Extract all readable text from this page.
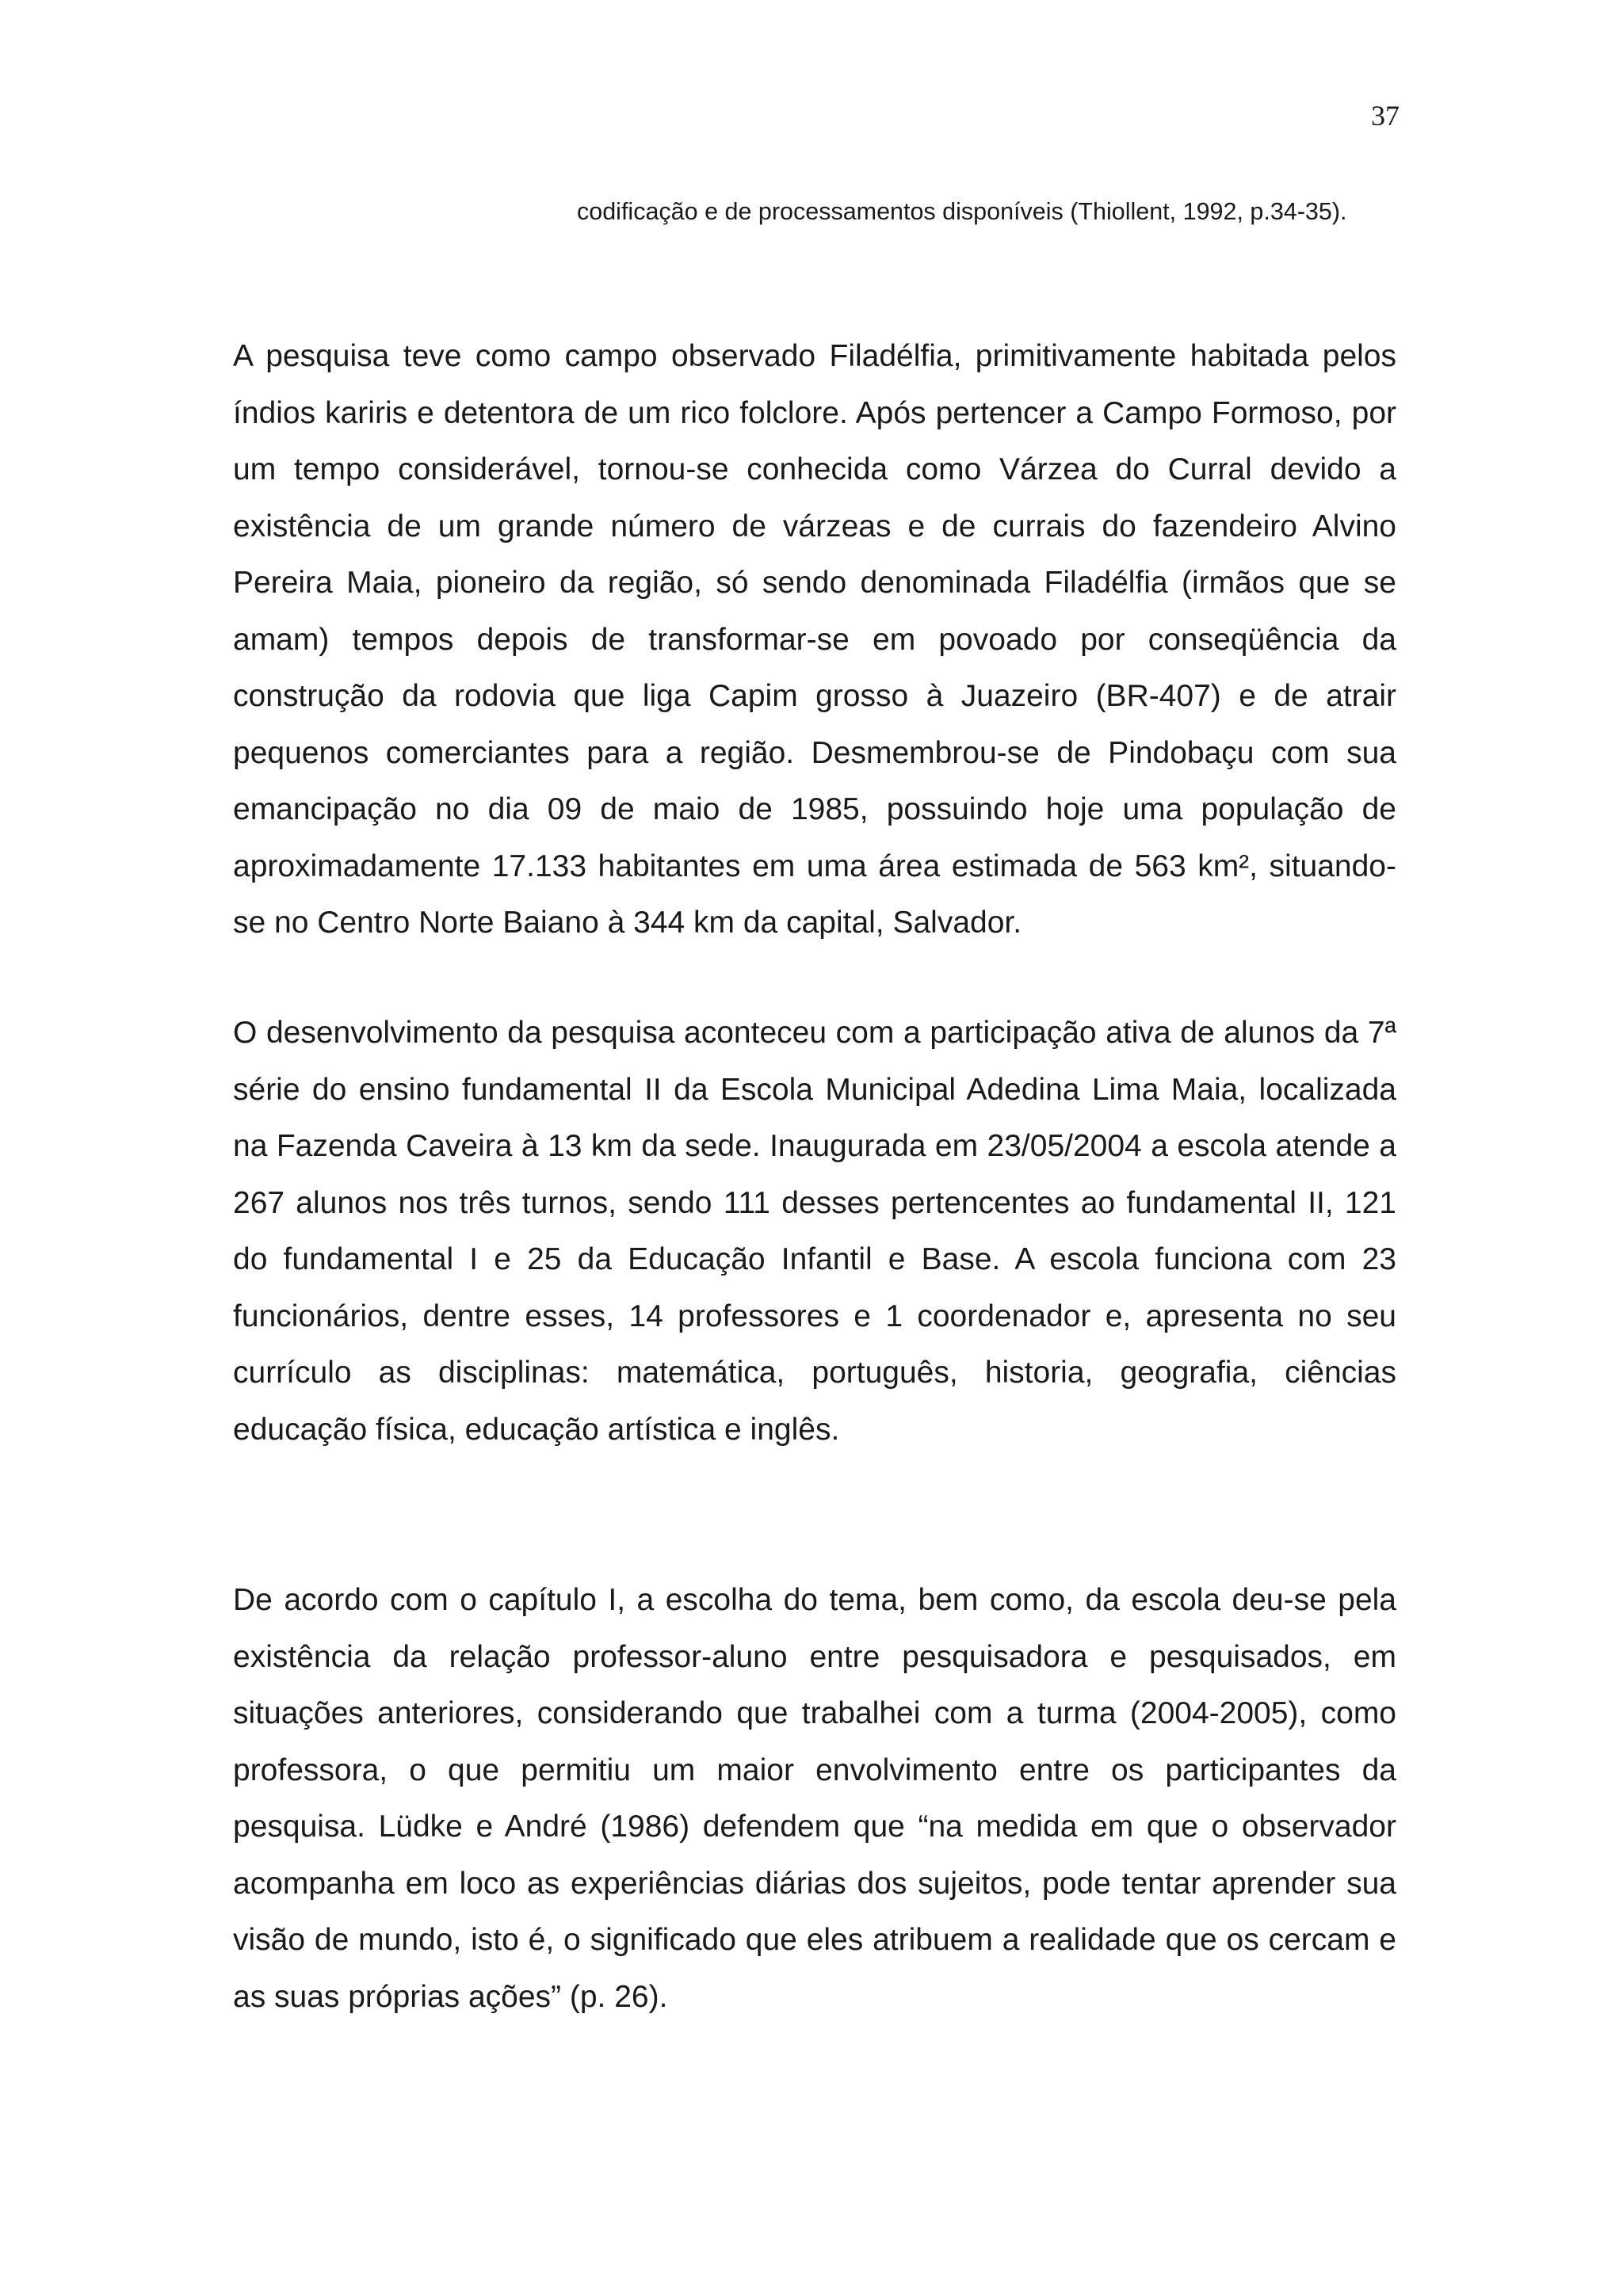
37

codificação e de processamentos disponíveis (Thiollent, 1992, p.34-35).

A pesquisa teve como campo observado Filadélfia, primitivamente habitada pelos índios kariris e detentora de um rico folclore. Após pertencer a Campo Formoso, por um tempo considerável, tornou-se conhecida como Várzea do Curral devido a existência de um grande número de várzeas e de currais do fazendeiro Alvino Pereira Maia, pioneiro da região, só sendo denominada Filadélfia (irmãos que se amam) tempos depois de transformar-se em povoado por conseqüência da construção da rodovia que liga Capim grosso à Juazeiro (BR-407) e de atrair pequenos comerciantes para a região. Desmembrou-se de Pindobaçu com sua emancipação no dia 09 de maio de 1985, possuindo hoje uma população de aproximadamente 17.133 habitantes em uma área estimada de 563 km², situando-se no Centro Norte Baiano à 344 km da capital, Salvador.

O desenvolvimento da pesquisa aconteceu com a participação ativa de alunos da 7ª série do ensino fundamental II da Escola Municipal Adedina Lima Maia, localizada na Fazenda Caveira à 13 km da sede. Inaugurada em 23/05/2004 a escola atende a 267 alunos nos três turnos, sendo 111 desses pertencentes ao fundamental II, 121 do fundamental I e 25 da Educação Infantil e Base. A escola funciona com 23 funcionários, dentre esses, 14 professores e 1 coordenador e, apresenta no seu currículo as disciplinas: matemática, português, historia, geografia, ciências educação física, educação artística e inglês.

De acordo com o capítulo I, a escolha do tema, bem como, da escola deu-se pela existência da relação professor-aluno entre pesquisadora e pesquisados, em situações anteriores, considerando que trabalhei com a turma (2004-2005), como professora, o que permitiu um maior envolvimento entre os participantes da pesquisa. Lüdke e André (1986) defendem que “na medida em que o observador acompanha em loco as experiências diárias dos sujeitos, pode tentar aprender sua visão de mundo, isto é, o significado que eles atribuem a realidade que os cercam e as suas próprias ações” (p. 26).
